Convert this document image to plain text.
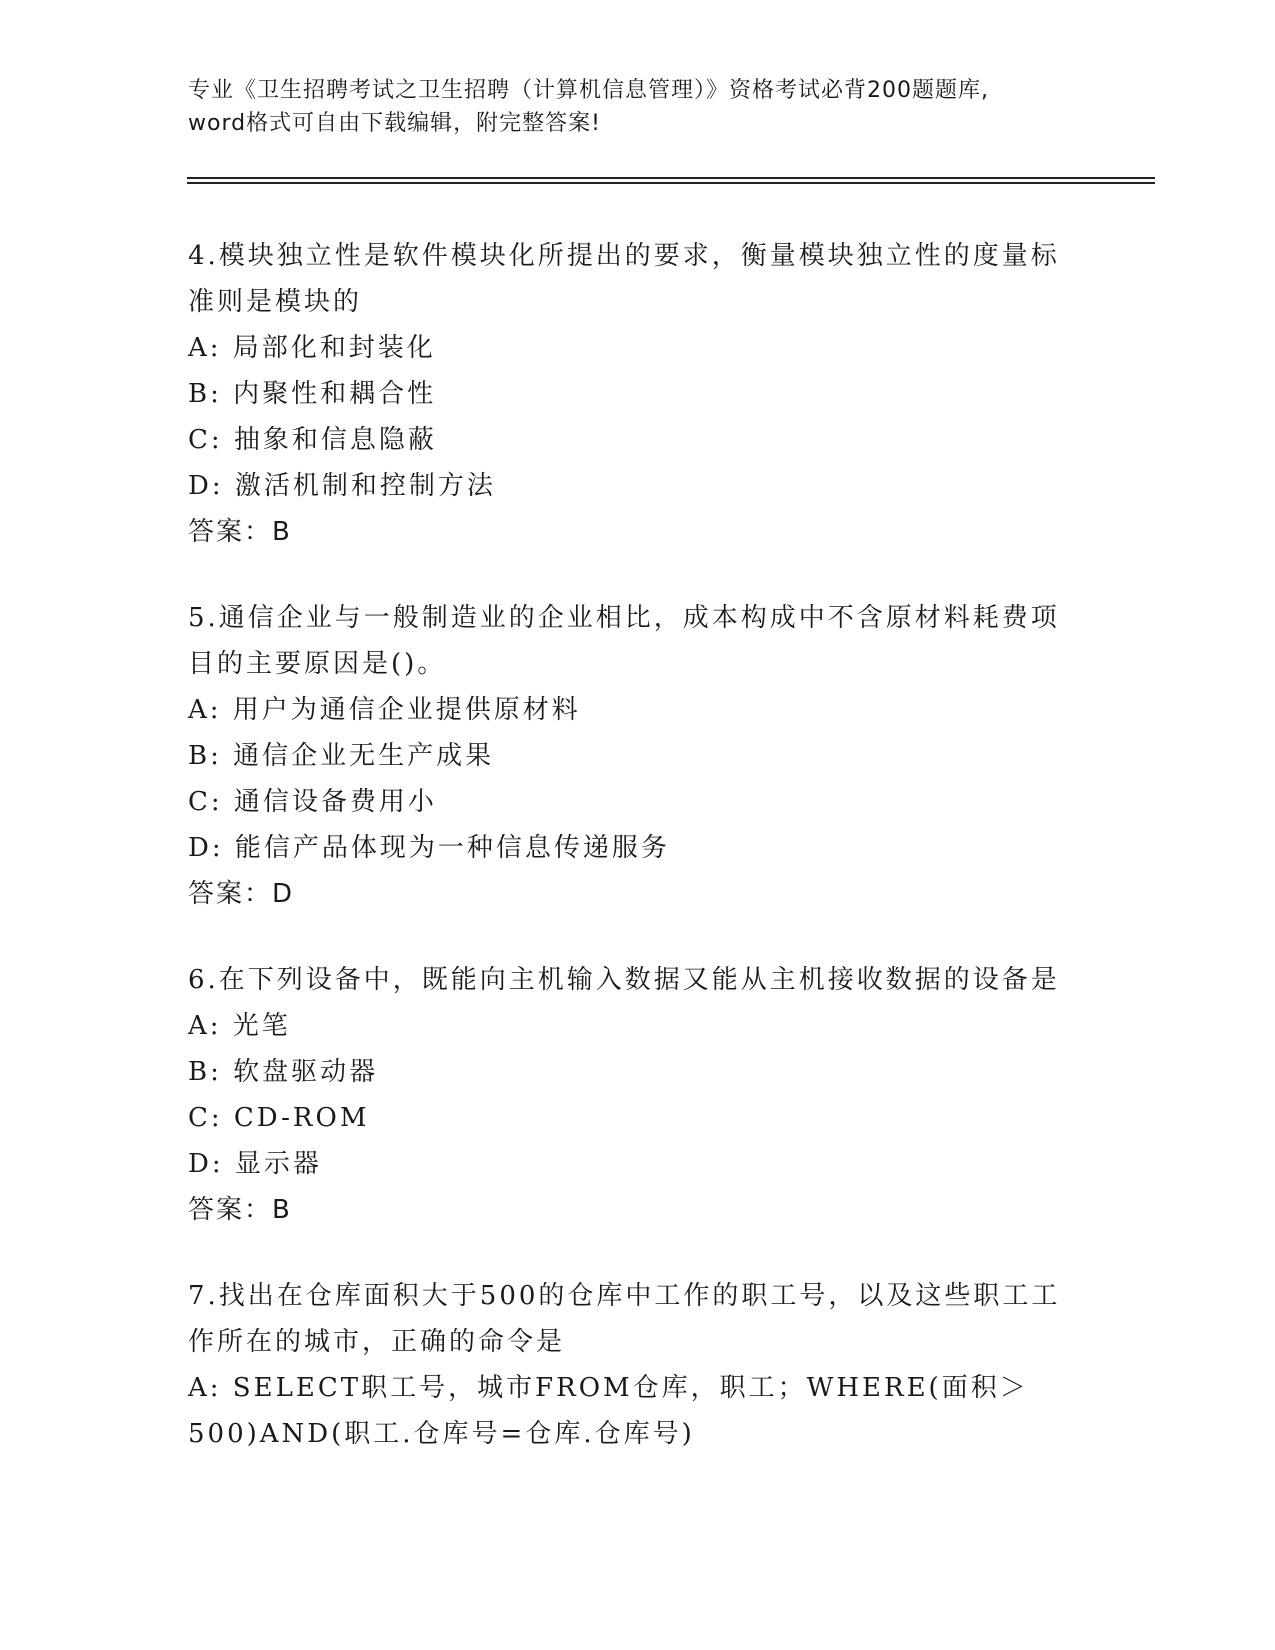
专业《卫生招聘考试之卫生招聘（计算机信息管理）》资格考试必背200题题库,
word格式可自由下载编辑，附完整答案!
4.模块独立性是软件模块化所提出的要求，衡量模块独立性的度量标准则是模块的
A: 局部化和封装化
B: 内聚性和耦合性
C: 抽象和信息隐蔽
D: 激活机制和控制方法
答案：B
5.通信企业与一般制造业的企业相比，成本构成中不含原材料耗费项目的主要原因是()。
A: 用户为通信企业提供原材料
B: 通信企业无生产成果
C: 通信设备费用小
D: 能信产品体现为一种信息传递服务
答案：D
6.在下列设备中，既能向主机输入数据又能从主机接收数据的设备是
A: 光笔
B: 软盘驱动器
C: CD-ROM
D: 显示器
答案：B
7.找出在仓库面积大于500的仓库中工作的职工号，以及这些职工工作所在的城市，正确的命令是
A: SELECT职工号，城市FROM仓库，职工；WHERE(面积＞500)AND(职工.仓库号=仓库.仓库号)
